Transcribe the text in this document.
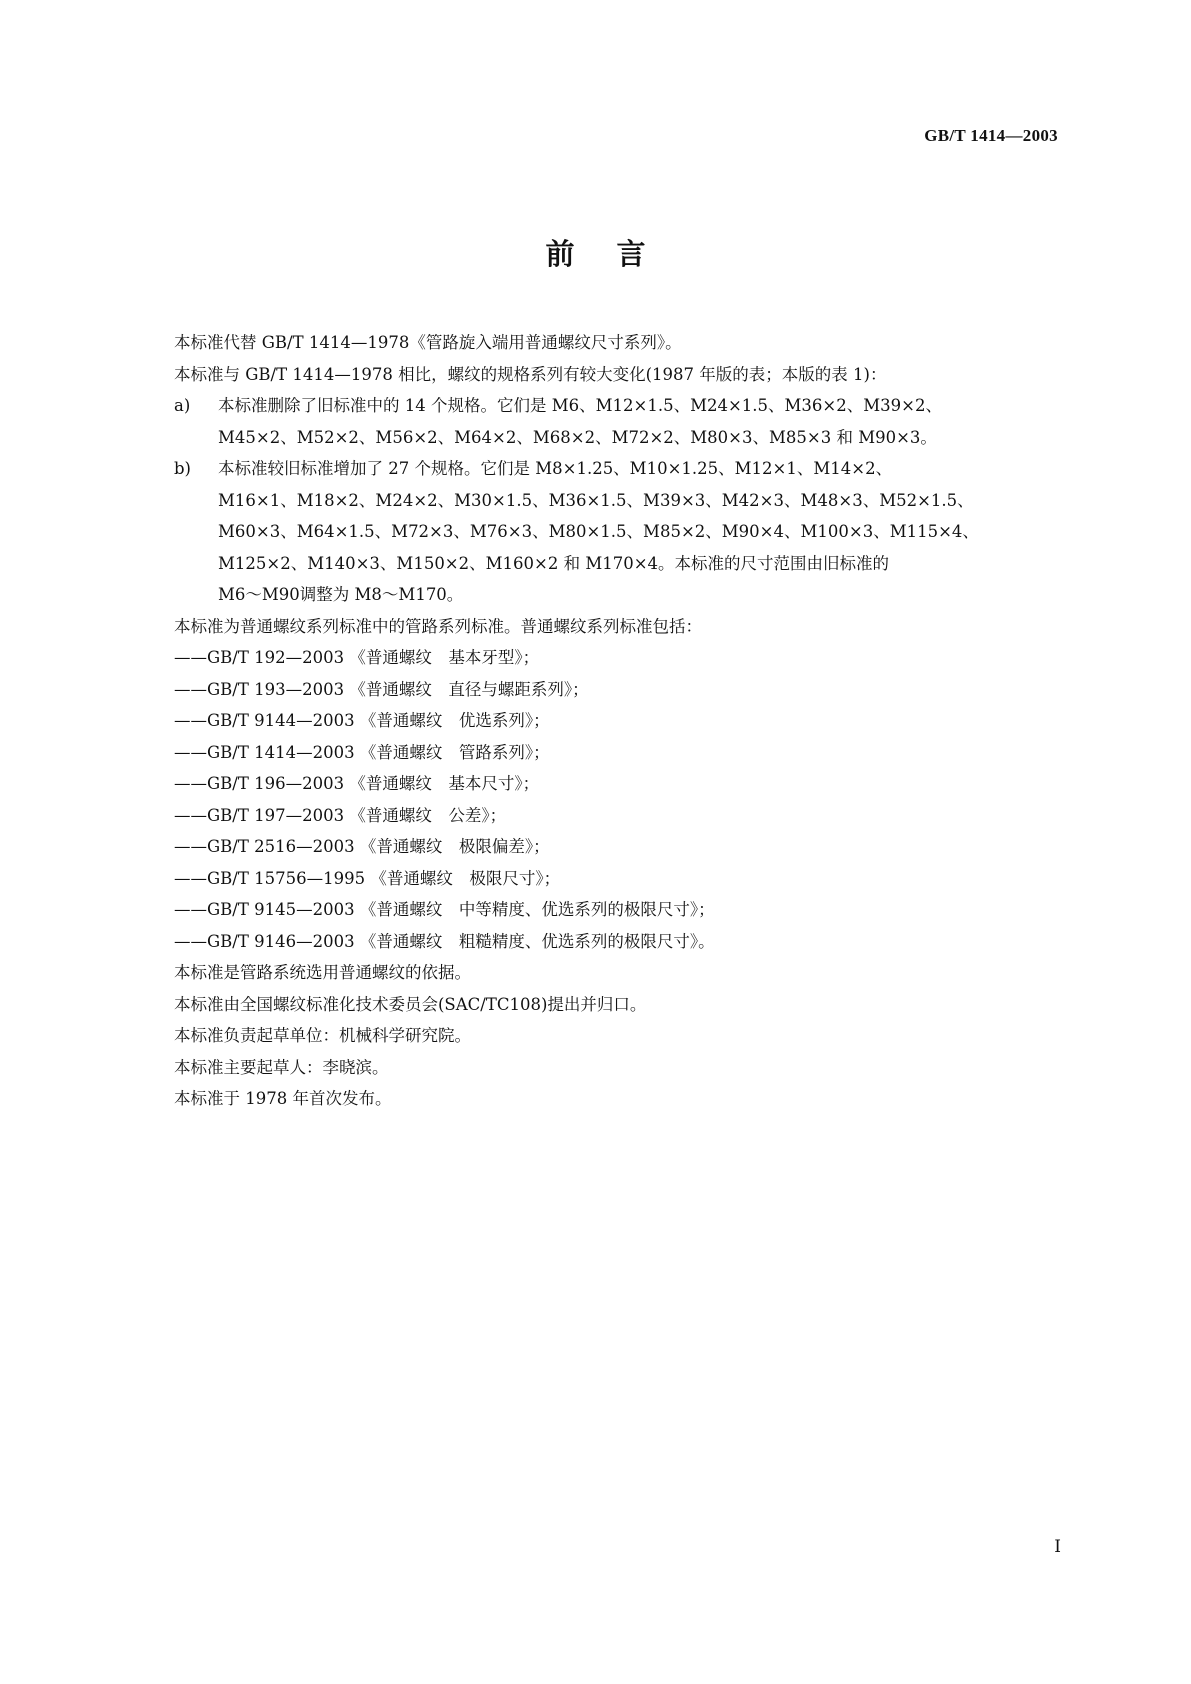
GB/T 1414—2003
前言
本标准代替 GB/T 1414—1978《管路旋入端用普通螺纹尺寸系列》。
本标准与 GB/T 1414—1978 相比，螺纹的规格系列有较大变化(1987 年版的表；本版的表 1)：
a)	本标准删除了旧标准中的 14 个规格。它们是 M6、M12×1.5、M24×1.5、M36×2、M39×2、
M45×2、M52×2、M56×2、M64×2、M68×2、M72×2、M80×3、M85×3 和 M90×3。
b)	本标准较旧标准增加了 27 个规格。它们是 M8×1.25、M10×1.25、M12×1、M14×2、
M16×1、M18×2、M24×2、M30×1.5、M36×1.5、M39×3、M42×3、M48×3、M52×1.5、
M60×3、M64×1.5、M72×3、M76×3、M80×1.5、M85×2、M90×4、M100×3、M115×4、
M125×2、M140×3、M150×2、M160×2 和 M170×4。本标准的尺寸范围由旧标准的
M6～M90调整为 M8～M170。
本标准为普通螺纹系列标准中的管路系列标准。普通螺纹系列标准包括：
——GB/T 192—2003 《普通螺纹　基本牙型》；
——GB/T 193—2003 《普通螺纹　直径与螺距系列》；
——GB/T 9144—2003 《普通螺纹　优选系列》；
——GB/T 1414—2003 《普通螺纹　管路系列》；
——GB/T 196—2003 《普通螺纹　基本尺寸》；
——GB/T 197—2003 《普通螺纹　公差》；
——GB/T 2516—2003 《普通螺纹　极限偏差》；
——GB/T 15756—1995 《普通螺纹　极限尺寸》；
——GB/T 9145—2003 《普通螺纹　中等精度、优选系列的极限尺寸》；
——GB/T 9146—2003 《普通螺纹　粗糙精度、优选系列的极限尺寸》。
本标准是管路系统选用普通螺纹的依据。
本标准由全国螺纹标准化技术委员会(SAC/TC108)提出并归口。
本标准负责起草单位：机械科学研究院。
本标准主要起草人：李晓滨。
本标准于 1978 年首次发布。
I
